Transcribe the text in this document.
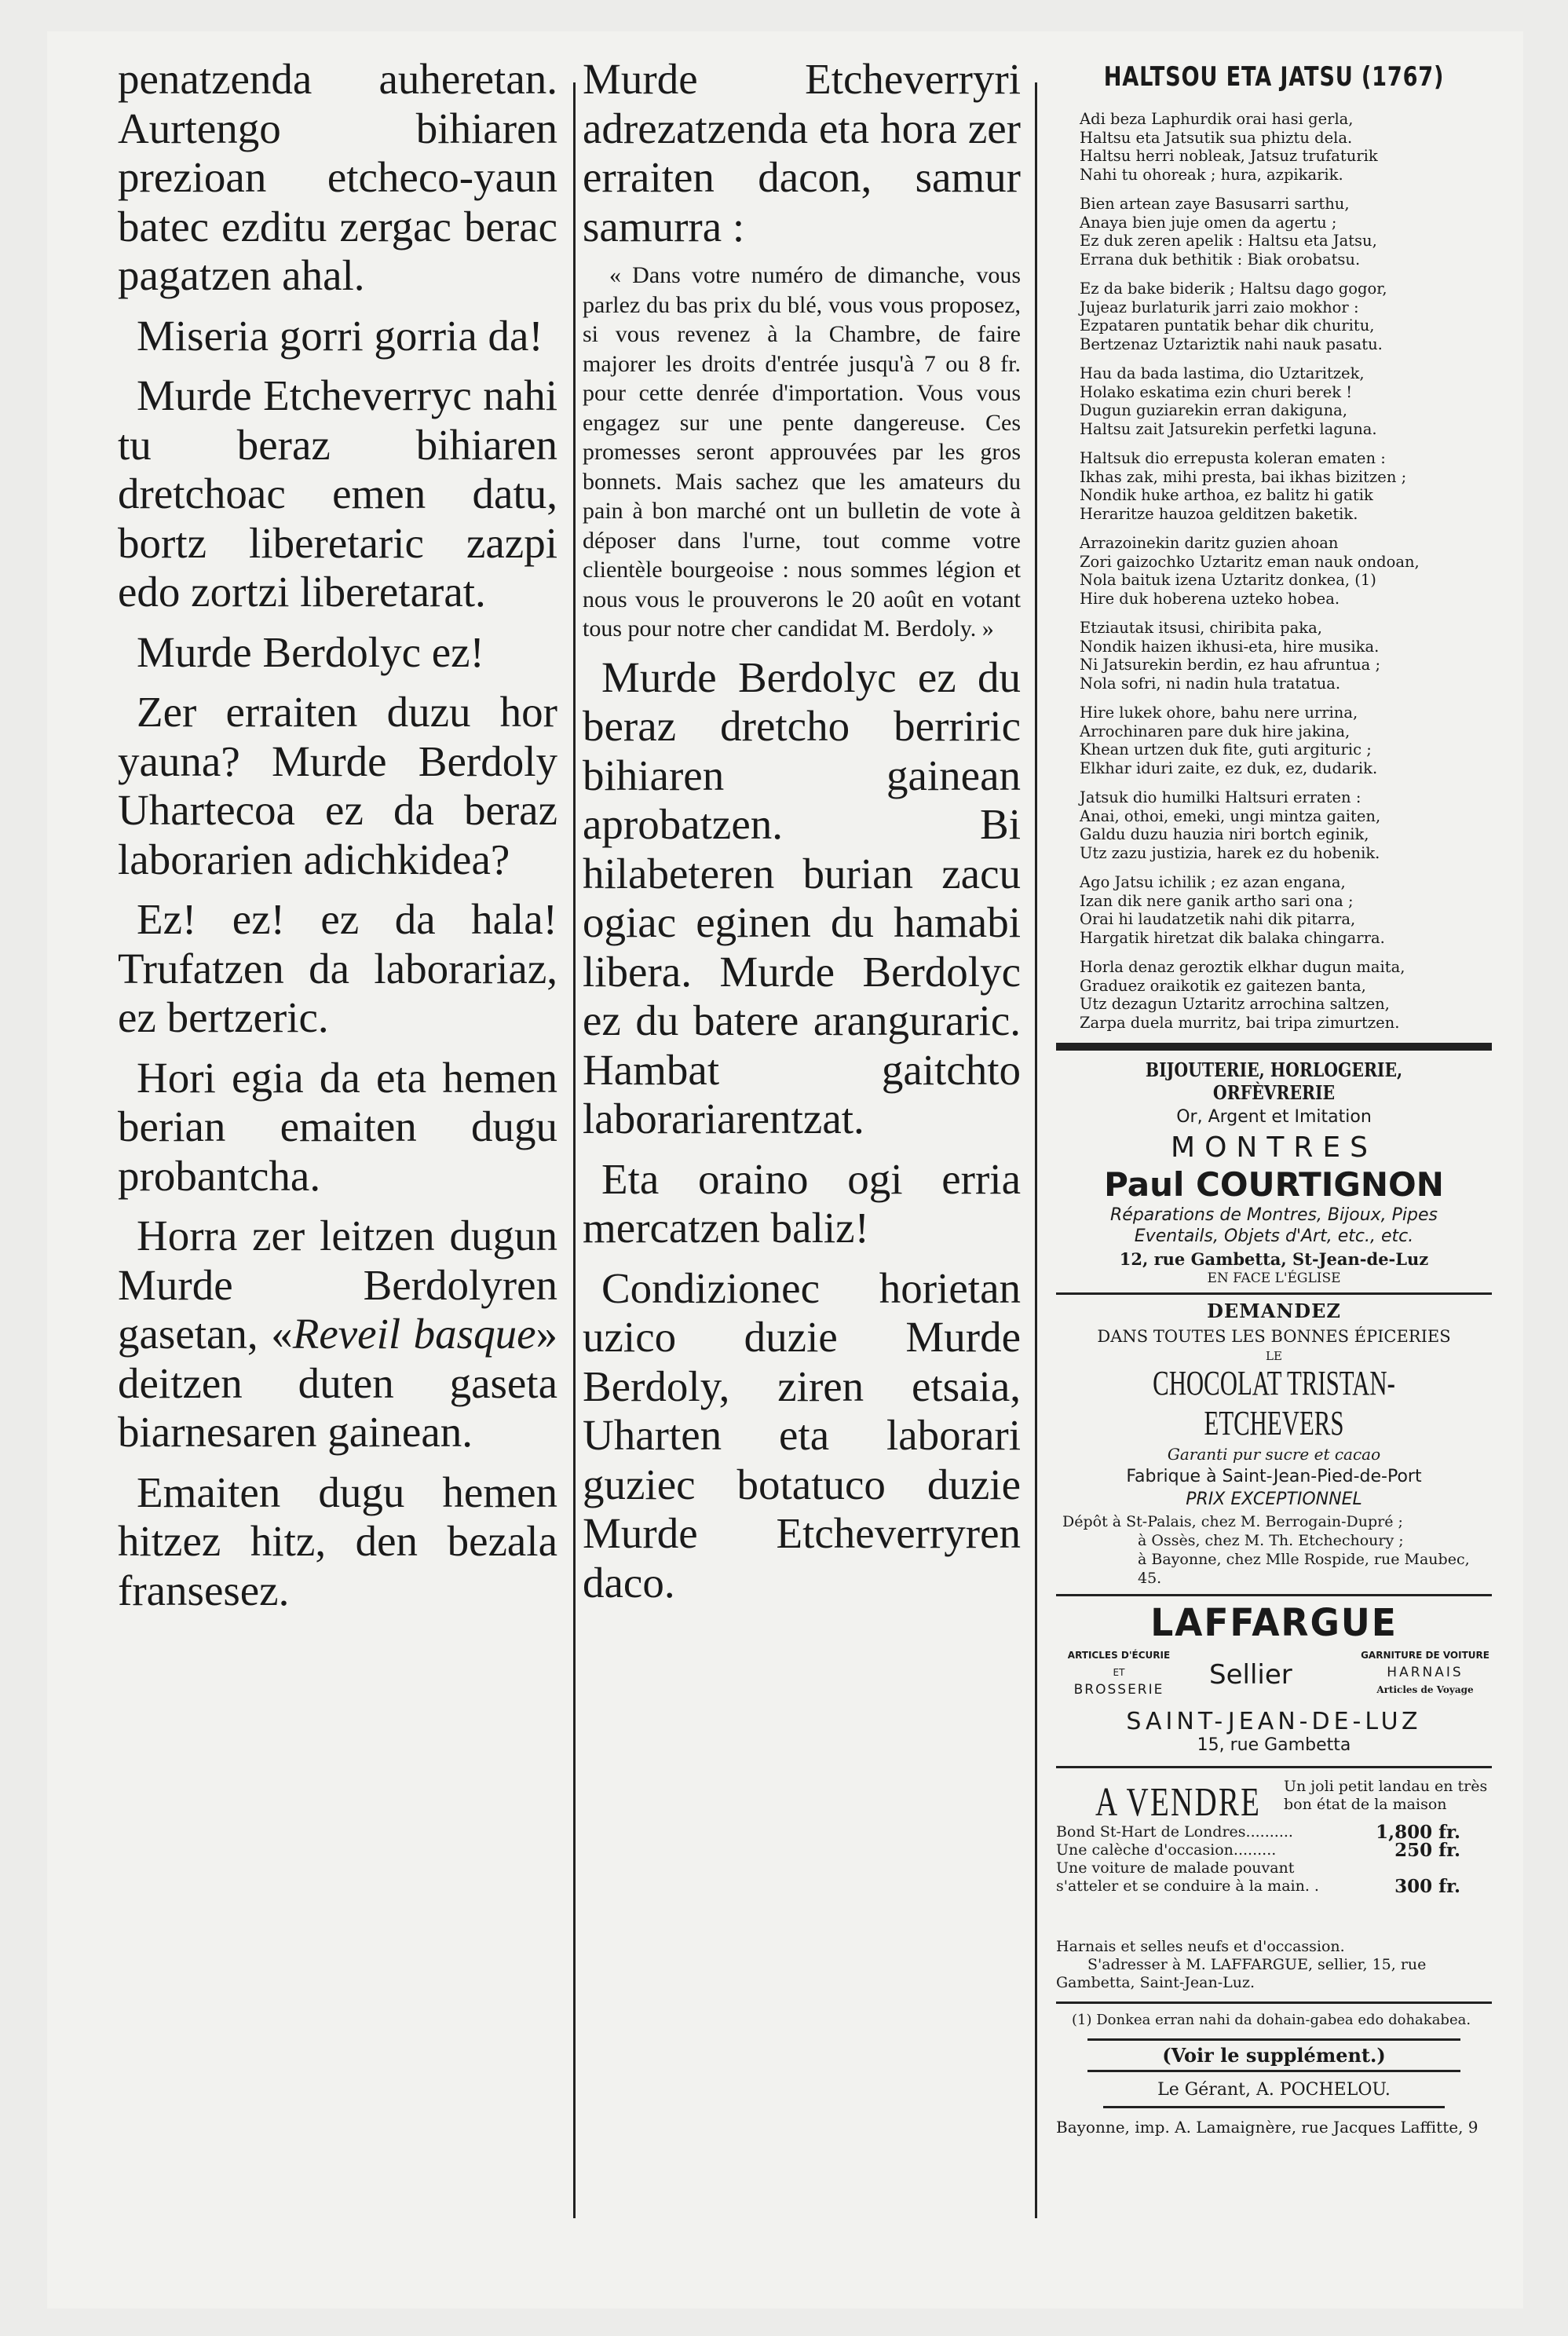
penatzenda auheretan. Aurtengo bihiaren prezioan etcheco-yaun batec ezditu zergac berac pagatzen ahal.

Miseria gorri gorria da!

Murde Etcheverryc nahi tu beraz bihiaren dretchoac emen datu, bortz liberetaric zazpi edo zortzi liberetarat.

Murde Berdolyc ez!

Zer erraiten duzu hor yauna? Murde Berdoly Uhartecoa ez da beraz laborarien adichkidea?

Ez! ez! ez da hala! Trufatzen da laborariaz, ez bertzeric.

Hori egia da eta hemen berian emaiten dugu probantcha.

Horra zer leitzen dugun Murde Berdolyren gasetan, «Reveil basque» deitzen duten gaseta biarnesaren gainean.

Emaiten dugu hemen hitzez hitz, den bezala fransesez.

Murde Etcheverryri adrezatzenda eta hora zer erraiten dacon, samur samurra :

« Dans votre numéro de dimanche, vous parlez du bas prix du blé, vous vous proposez, si vous revenez à la Chambre, de faire majorer les droits d'entrée jusqu'à 7 ou 8 fr. pour cette denrée d'importation. Vous vous engagez sur une pente dangereuse. Ces promesses seront approuvées par les gros bonnets. Mais sachez que les amateurs du pain à bon marché ont un bulletin de vote à déposer dans l'urne, tout comme votre clientèle bourgeoise : nous sommes légion et nous vous le prouverons le 20 août en votant tous pour notre cher candidat M. Berdoly. »

Murde Berdolyc ez du beraz dretcho berriric bihiaren gainean aprobatzen. Bi hilabeteren burian zacu ogiac eginen du hamabi libera. Murde Berdolyc ez du batere aranguraric. Hambat gaitchto laborariarentzat.

Eta oraino ogi erria mercatzen baliz!

Condizionec horietan uzico duzie Murde Berdoly, ziren etsaia, Uharten eta laborari guziec botatuco duzie Murde Etcheverryren daco.

HALTSOU ETA JATSU (1767)
Adi beza Laphurdik orai hasi gerla,
Haltsu eta Jatsutik sua phiztu dela.
Haltsu herri nobleak, Jatsuz trufaturik
Nahi tu ohoreak ; hura, azpikarik.
Bien artean zaye Basusarri sarthu,
Anaya bien juje omen da agertu ;
Ez duk zeren apelik : Haltsu eta Jatsu,
Errana duk bethitik : Biak orobatsu.
Ez da bake biderik ; Haltsu dago gogor,
Jujeaz burlaturik jarri zaio mokhor :
Ezpataren puntatik behar dik churitu,
Bertzenaz Uztariztik nahi nauk pasatu.
Hau da bada lastima, dio Uztaritzek,
Holako eskatima ezin churi berek !
Dugun guziarekin erran dakiguna,
Haltsu zait Jatsurekin perfetki laguna.
Haltsuk dio errepusta koleran ematen :
Ikhas zak, mihi presta, bai ikhas bizitzen ;
Nondik huke arthoa, ez balitz hi gatik
Heraritze hauzoa gelditzen baketik.
Arrazoinekin daritz guzien ahoan
Zori gaizochko Uztaritz eman nauk ondoan,
Nola baituk izena Uztaritz donkea, (1)
Hire duk hoberena uzteko hobea.
Etziautak itsusi, chiribita paka,
Nondik haizen ikhusi-eta, hire musika.
Ni Jatsurekin berdin, ez hau afruntua ;
Nola sofri, ni nadin hula tratatua.
Hire lukek ohore, bahu nere urrina,
Arrochinaren pare duk hire jakina,
Khean urtzen duk fite, guti argituric ;
Elkhar iduri zaite, ez duk, ez, dudarik.
Jatsuk dio humilki Haltsuri erraten :
Anai, othoi, emeki, ungi mintza gaiten,
Galdu duzu hauzia niri bortch eginik,
Utz zazu justizia, harek ez du hobenik.
Ago Jatsu ichilik ; ez azan engana,
Izan dik nere ganik artho sari ona ;
Orai hi laudatzetik nahi dik pitarra,
Hargatik hiretzat dik balaka chingarra.
Horla denaz geroztik elkhar dugun maita,
Graduez oraikotik ez gaitezen banta,
Utz dezagun Uztaritz arrochina saltzen,
Zarpa duela murritz, bai tripa zimurtzen.
BIJOUTERIE, HORLOGERIE, ORFÈVRERIE
Or, Argent et Imitation
MONTRES
Paul COURTIGNON
Réparations de Montres, Bijoux, Pipes
Eventails, Objets d'Art, etc., etc.
12, rue Gambetta, St-Jean-de-Luz
EN FACE L'ÉGLISE
DEMANDEZ
DANS TOUTES LES BONNES ÉPICERIES
LE
CHOCOLAT TRISTAN-ETCHEVERS
Garanti pur sucre et cacao
Fabrique à Saint-Jean-Pied-de-Port
PRIX EXCEPTIONNEL
Dépôt à St-Palais, chez M. Berrogain-Dupré ;
à Ossès, chez M. Th. Etchechoury ;
à Bayonne, chez Mlle Rospide, rue Maubec, 45.
LAFFARGUE
ARTICLES D'ÉCURIE
ET
BROSSERIE	Sellier
GARNITURE DE VOITURE
HARNAIS
Articles de Voyage
SAINT-JEAN-DE-LUZ
15, rue Gambetta
A VENDRE Un joli petit landau en très bon état de la maison
Bond St-Hart de Londres..........	1,800 fr.
Une calèche d'occasion.........	250 fr.
Une voiture de malade pouvant
s'atteler et se conduire à la main. .	300 fr.
Harnais et selles neufs et d'occassion.
S'adresser à M. LAFFARGUE, sellier, 15, rue Gambetta, Saint-Jean-Luz.
(1) Donkea erran nahi da dohain-gabea edo dohakabea.
(Voir le supplément.)
Le Gérant, A. POCHELOU.
Bayonne, imp. A. Lamaignère, rue Jacques Laffitte, 9
